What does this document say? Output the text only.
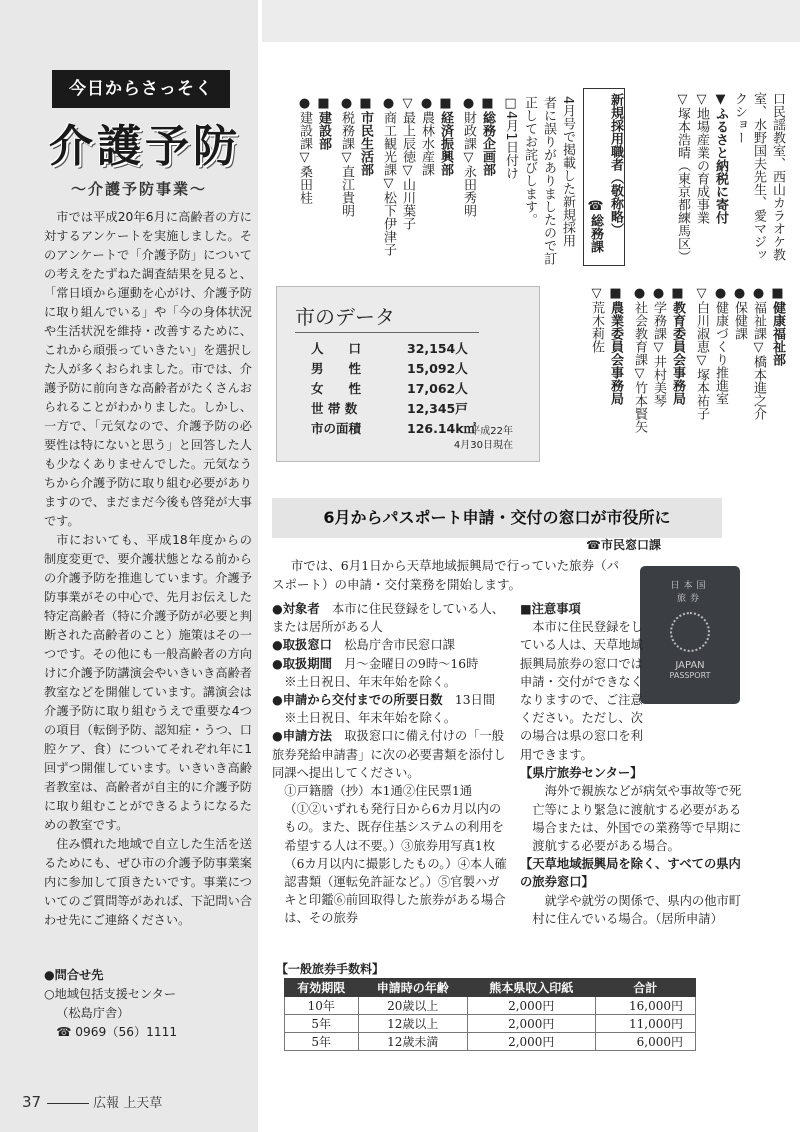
今日からさっそく
介護予防
～介護予防事業～

市では平成20年6月に高齢者の方に対するアンケートを実施しました。そのアンケートで「介護予防」についての考えをたずねた調査結果を見ると、「常日頃から運動を心がけ、介護予防に取り組んでいる」や「今の身体状況や生活状況を維持・改善するために、これから頑張っていきたい」を選択した人が多くおられました。市では、介護予防に前向きな高齢者がたくさんおられることがわかりました。しかし、一方で、「元気なので、介護予防の必要性は特にないと思う」と回答した人も少なくありませんでした。元気なうちから介護予防に取り組む必要がありますので、まだまだ今後も啓発が大事です。

市においても、平成18年度からの制度変更で、要介護状態となる前からの介護予防を推進しています。介護予防事業がその中心で、先月お伝えした特定高齢者（特に介護予防が必要と判断された高齢者のこと）施策はその一つです。その他にも一般高齢者の方向けに介護予防講演会やいきいき高齢者教室などを開催しています。講演会は介護予防に取り組むうえで重要な4つの項目（転倒予防、認知症・うつ、口腔ケア、食）についてそれぞれ年に1回ずつ開催しています。いきいき高齢者教室は、高齢者が自主的に介護予防に取り組むことができるようになるための教室です。

住み慣れた地域で自立した生活を送るためにも、ぜひ市の介護予防事業案内に参加して頂きたいです。事業についてのご質問等があれば、下記問い合わせ先にご連絡ください。

●問合せ先
○地域包括支援センター
（松島庁舎）
☎ 0969（56）1111
37	広報 上天草
口民謡教室、西山カラオケ教
室、水野国夫先生、愛マジッ
クショー
▼ふるさと納税に寄付
▽地場産業の育成事業
▽塚本浩晴（東京都練馬区）
■健康福祉部
●福祉課▽橋本進之介
●保健課
●健康づくり推進室
▽白川淑恵▽塚本祐子
■教育委員会事務局
●学務課▽井村美琴
●社会教育課▽竹本賢矢
■農業委員会事務局
▽荒木莉佐
新規採用職者（敬称略）
☎総務課
4月号で掲載した新規採用
者に誤りがありましたので訂
正してお詫びします。
□4月1日付け
■総務企画部
●財政課▽永田秀明
■経済振興部
●農林水産課
▽最上辰徳▽山川葉子
●商工観光課▽松下伊津子
■市民生活部
●税務課▽直江貴明
■建設部
●建設課▽桑田桂
市のデータ
人　　口	32,154人
男　　性	15,092人
女　　性	17,062人
世 帯 数	12,345戸
市の面積	126.14k㎡
平成22年
4月30日現在
6月からパスポート申請・交付の窓口が市役所に
☎市民窓口課
市では、6月1日から天草地域振興局で行っていた旅券（パスポート）の申請・交付業務を開始します。
●対象者　 本市に住民登録をしている人、または居所がある人
●取扱窓口　 松島庁舎市民窓口課
●取扱期間　 月～金曜日の9時～16時
※土日祝日、年末年始を除く。
●申請から交付までの所要日数　 13日間
※土日祝日、年末年始を除く。
●申請方法　 取扱窓口に備え付けの「一般旅券発給申請書」に次の必要書類を添付し同課へ提出してください。
①戸籍謄（抄）本1通②住民票1通（①②いずれも発行日から6カ月以内のもの。また、既存住基システムの利用を希望する人は不要。）③旅券用写真1枚（6カ月以内に撮影したもの。）④本人確認書類（運転免許証など。）⑤官製ハガキと印鑑⑥前回取得した旅券がある場合は、その旅券
日本国
旅券
JAPAN
PASSPORT
■注意事項
本市に住民登録をしている人は、天草地域振興局旅券の窓口では申請・交付ができなくなりますので、ご注意ください。ただし、次の場合は県の窓口を利用できます。
【県庁旅券センター】
海外で親族などが病気や事故等で死亡等により緊急に渡航する必要がある場合または、外国での業務等で早期に渡航する必要がある場合。
【天草地域振興局を除く、すべての県内の旅券窓口】
就学や就労の関係で、県内の他市町村に住んでいる場合。（居所申請）
【一般旅券手数料】
有効期限	申請時の年齢	熊本県収入印紙	合計
10年	20歳以上	2,000円	16,000円
5年	12歳以上	2,000円	11,000円
5年	12歳未満	2,000円	6,000円
